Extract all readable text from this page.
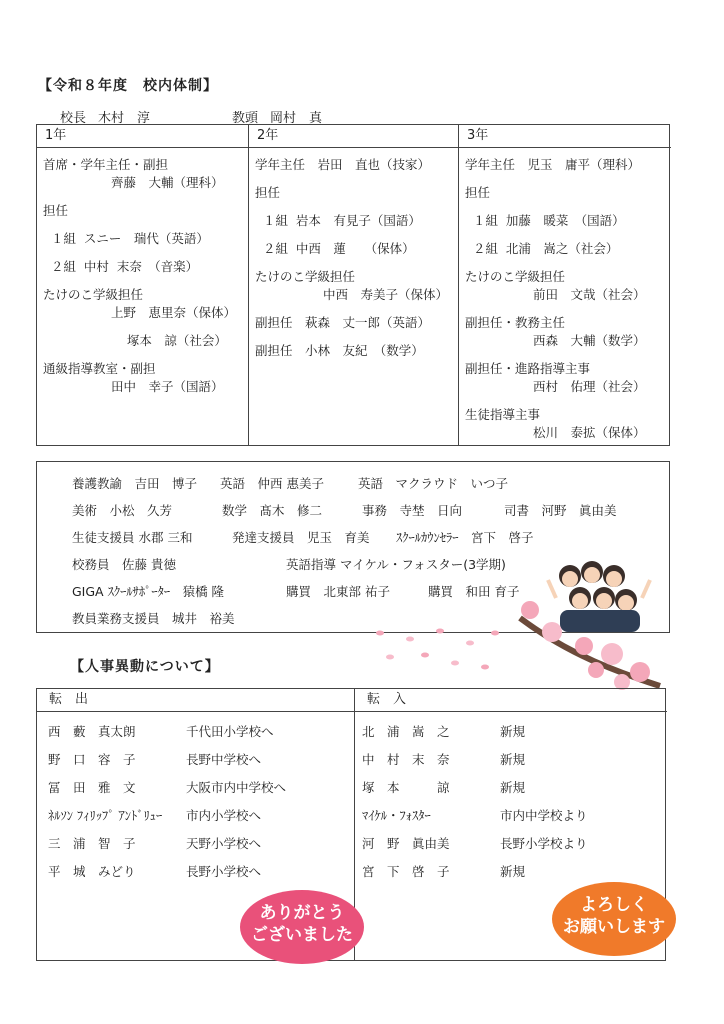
【令和８年度　校内体制】
校長 木村　淳	教頭 岡村　真
1年
首席・学年主任・副担
齊藤　大輔（理科）
担任
１組  スニー　瑞代（英語）
２組  中村  末奈　（音楽）
たけのこ学級担任
上野　恵里奈（保体）
塚本　諒（社会）
通級指導教室・副担
田中　幸子（国語）
2年
学年主任　岩田　直也（技家）
担任
１組  岩本　有見子（国語）
２組  中西　蓮　　（保体）
たけのこ学級担任
中西　寿美子（保体）
副担任　萩森　丈一郎（英語）
副担任　小林　友紀　（数学）
3年
学年主任　児玉　庸平（理科）
担任
１組  加藤　暖菜　（国語）
２組  北浦　嵩之（社会）
たけのこ学級担任
前田　文哉（社会）
副担任・教務主任
西森　大輔（数学）
副担任・進路指導主事
西村　佑理（社会）
生徒指導主事
松川　泰拡（保体）
養護教諭　吉田　博子 英語　仲西 惠美子	英語　マクラウド　いつ子
美術　小松　久芳	数学　髙木　修二	事務　寺埜　日向	司書　河野　眞由美
生徒支援員 水郡 三和	発達支援員　児玉　育美 ｽｸｰﾙｶｳﾝｾﾗｰ　宮下　啓子
校務員　佐藤 貴徳	英語指導 マイケル・フォスター(3学期)
GIGA ｽｸｰﾙｻﾎﾟｰﾀｰ　猿橋 隆	購買　北東部 祐子	購買　和田 育子
教員業務支援員　城井　裕美
【人事異動について】
転　出	転　入
西　藪　真太朗	千代田小学校へ
野　口　容　子	長野中学校へ
冨　田　雅　文	大阪市内中学校へ
ﾈﾙｿﾝ ﾌｨﾘｯﾌﾟ ｱﾝﾄﾞﾘｭｰ 市内小学校へ
三　浦　智　子	天野小学校へ
平　城　みどり	長野小学校へ
北　浦　嵩　之	新規
中　村　末　奈	新規
塚　本　　　諒	新規
ﾏｲｹﾙ・ﾌｫｽﾀｰ	市内中学校より
河　野　眞由美	長野小学校より
宮　下　啓　子	新規
ありがとう
ございました
よろしく
お願いします
